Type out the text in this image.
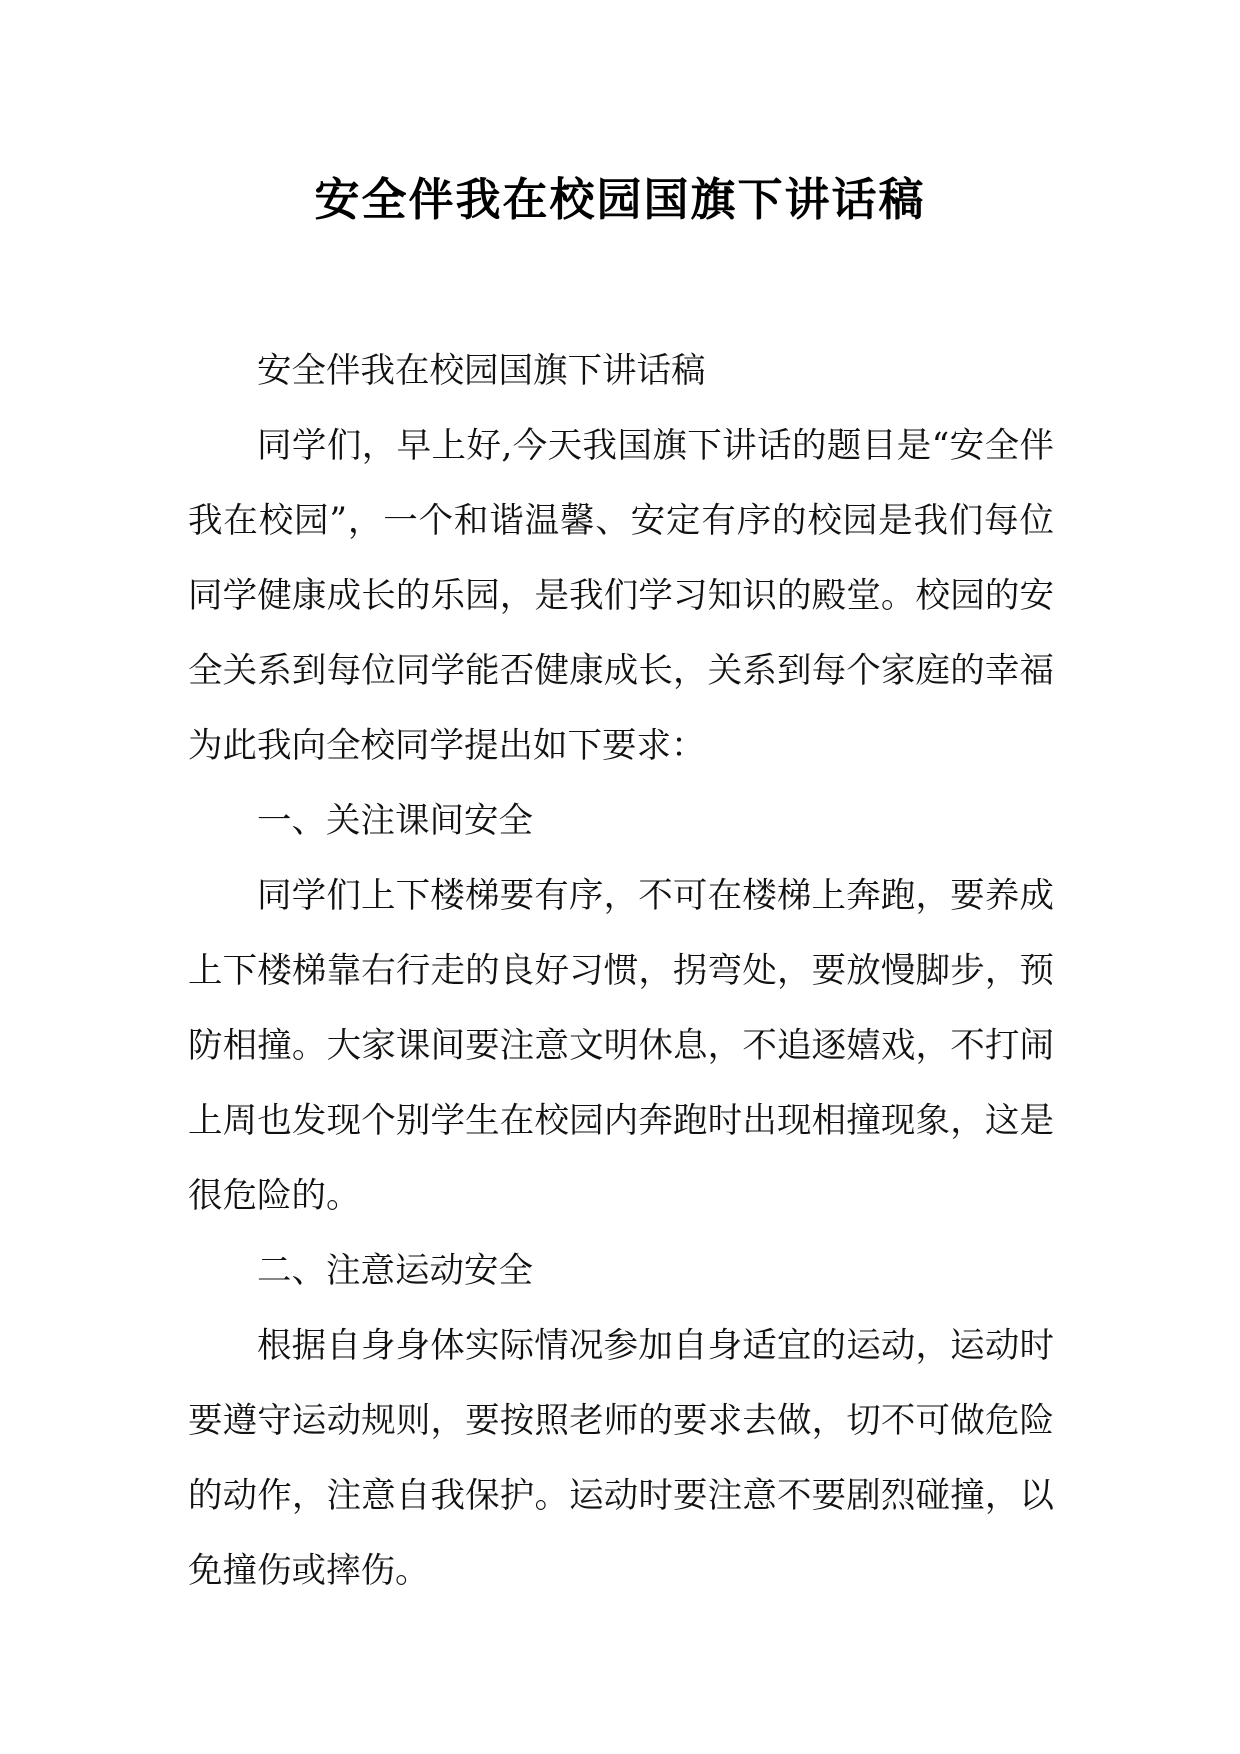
安全伴我在校园国旗下讲话稿

安全伴我在校园国旗下讲话稿

同学们，早上好,今天我国旗下讲话的题目是“安全伴我在校园”，一个和谐温馨、安定有序的校园是我们每位同学健康成长的乐园，是我们学习知识的殿堂。校园的安全关系到每位同学能否健康成长，关系到每个家庭的幸福为此我向全校同学提出如下要求：

一、关注课间安全

同学们上下楼梯要有序，不可在楼梯上奔跑，要养成上下楼梯靠右行走的良好习惯，拐弯处，要放慢脚步，预防相撞。大家课间要注意文明休息，不追逐嬉戏，不打闹上周也发现个别学生在校园内奔跑时出现相撞现象，这是很危险的。

二、注意运动安全

根据自身身体实际情况参加自身适宜的运动，运动时要遵守运动规则，要按照老师的要求去做，切不可做危险的动作，注意自我保护。运动时要注意不要剧烈碰撞，以免撞伤或摔伤。
